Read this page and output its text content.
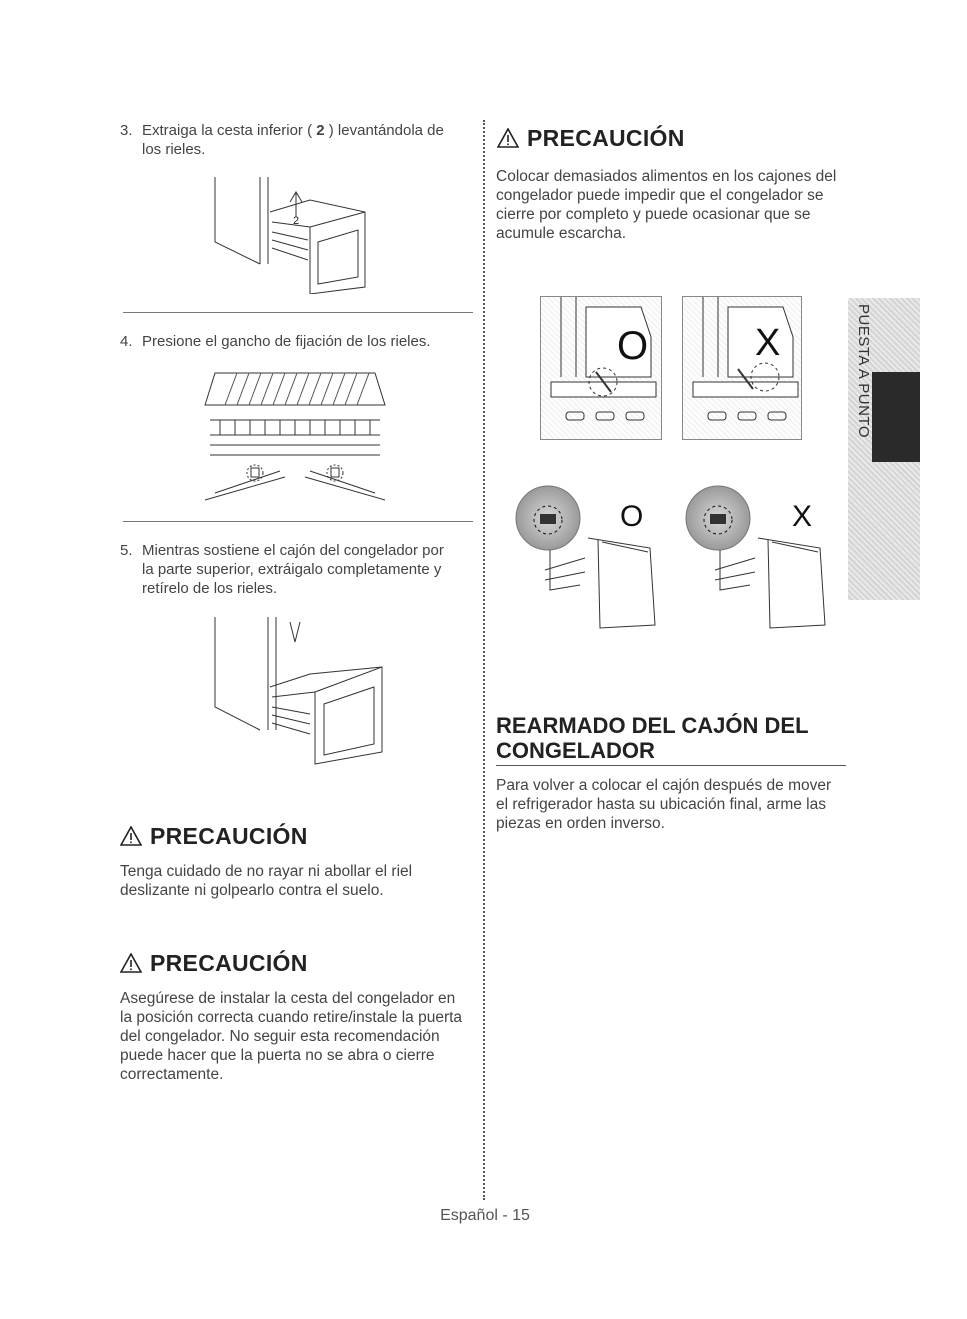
3. Extraiga la cesta inferior ( 2 ) levantándola de los rieles.
2
4. Presione el gancho de fijación de los rieles.
5. Mientras sostiene el cajón del congelador por la parte superior, extráigalo completamente y retírelo de los rieles.
PRECAUCIÓN
Tenga cuidado de no rayar ni abollar el riel deslizante ni golpearlo contra el suelo.
PRECAUCIÓN
Asegúrese de instalar la cesta del congelador en la posición correcta cuando retire/instale la puerta del congelador. No seguir esta recomendación puede hacer que la puerta no se abra o cierre correctamente.
PRECAUCIÓN
Colocar demasiados alimentos en los cajones del congelador puede impedir que el congelador se cierre por completo y puede ocasionar que se acumule escarcha.
O	X
O	X
REARMADO DEL CAJÓN DEL CONGELADOR
Para volver a colocar el cajón después de mover el refrigerador hasta su ubicación final, arme las piezas en orden inverso.
PUESTA A PUNTO
Español - 15
